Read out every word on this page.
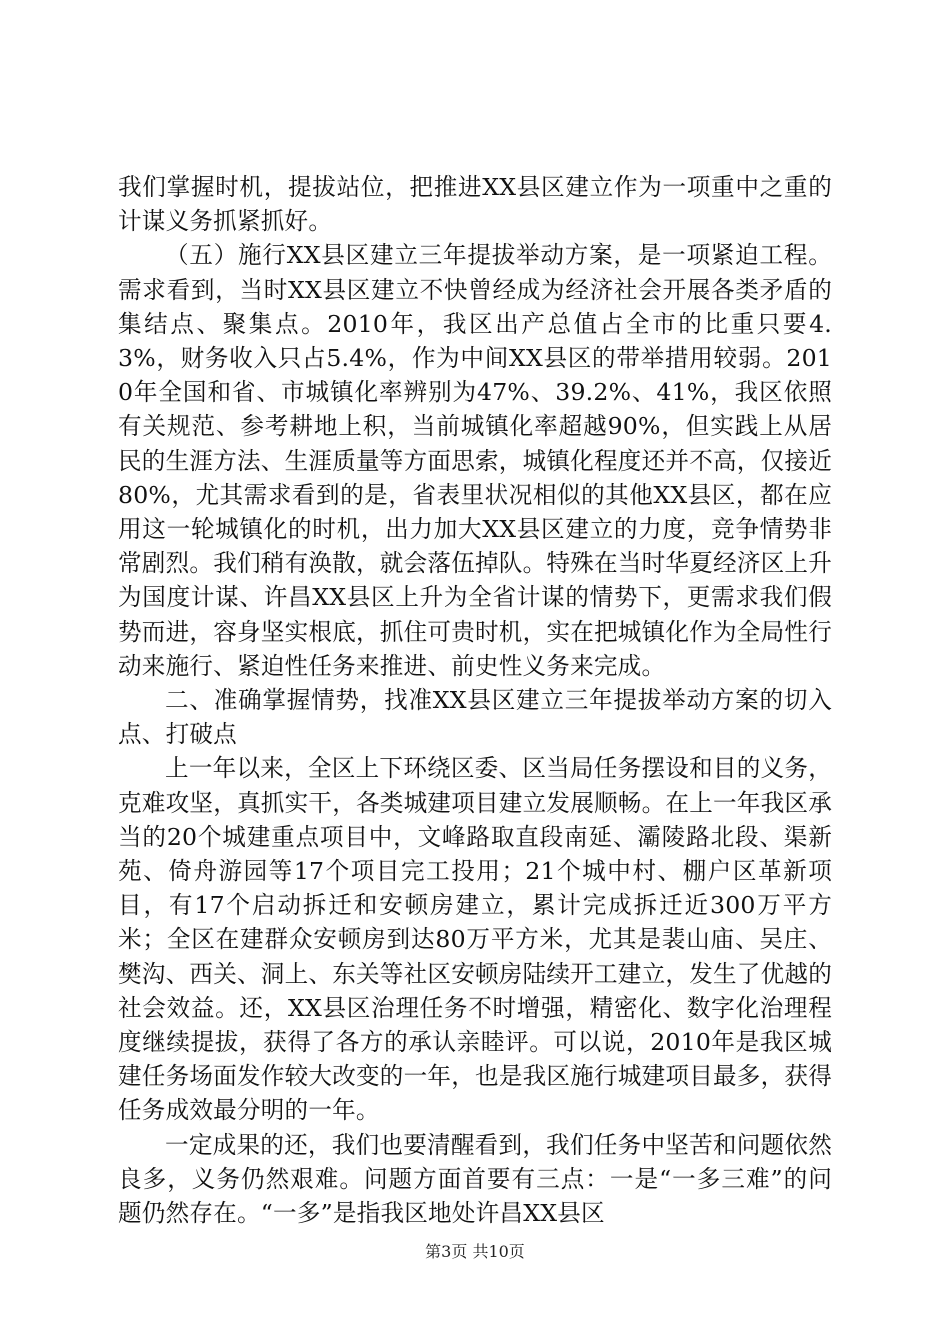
我们掌握时机，提拔站位，把推进XX县区建立作为一项重中之重的计谋义务抓紧抓好。

（五）施行XX县区建立三年提拔举动方案，是一项紧迫工程。需求看到，当时XX县区建立不快曾经成为经济社会开展各类矛盾的集结点、聚集点。2010年，我区出产总值占全市的比重只要4.3%，财务收入只占5.4%，作为中间XX县区的带举措用较弱。2010年全国和省、市城镇化率辨别为47%、39.2%、41%，我区依照有关规范、参考耕地上积，当前城镇化率超越90%，但实践上从居民的生涯方法、生涯质量等方面思索，城镇化程度还并不高，仅接近80%，尤其需求看到的是，省表里状况相似的其他XX县区，都在应用这一轮城镇化的时机，出力加大XX县区建立的力度，竞争情势非常剧烈。我们稍有涣散，就会落伍掉队。特殊在当时华夏经济区上升为国度计谋、许昌XX县区上升为全省计谋的情势下，更需求我们假势而进，容身坚实根底，抓住可贵时机，实在把城镇化作为全局性行动来施行、紧迫性任务来推进、前史性义务来完成。

二、准确掌握情势，找准XX县区建立三年提拔举动方案的切入点、打破点

上一年以来，全区上下环绕区委、区当局任务摆设和目的义务，克难攻坚，真抓实干，各类城建项目建立发展顺畅。在上一年我区承当的20个城建重点项目中，文峰路取直段南延、灞陵路北段、渠新苑、倚舟游园等17个项目完工投用；21个城中村、棚户区革新项目，有17个启动拆迁和安顿房建立，累计完成拆迁近300万平方米；全区在建群众安顿房到达80万平方米，尤其是裴山庙、吴庄、樊沟、西关、洞上、东关等社区安顿房陆续开工建立，发生了优越的社会效益。还，XX县区治理任务不时增强，精密化、数字化治理程度继续提拔，获得了各方的承认亲睦评。可以说，2010年是我区城建任务场面发作较大改变的一年，也是我区施行城建项目最多，获得任务成效最分明的一年。

一定成果的还，我们也要清醒看到，我们任务中坚苦和问题依然良多，义务仍然艰难。问题方面首要有三点：一是“一多三难”的问题仍然存在。“一多”是指我区地处许昌XX县区

第3页 共10页
